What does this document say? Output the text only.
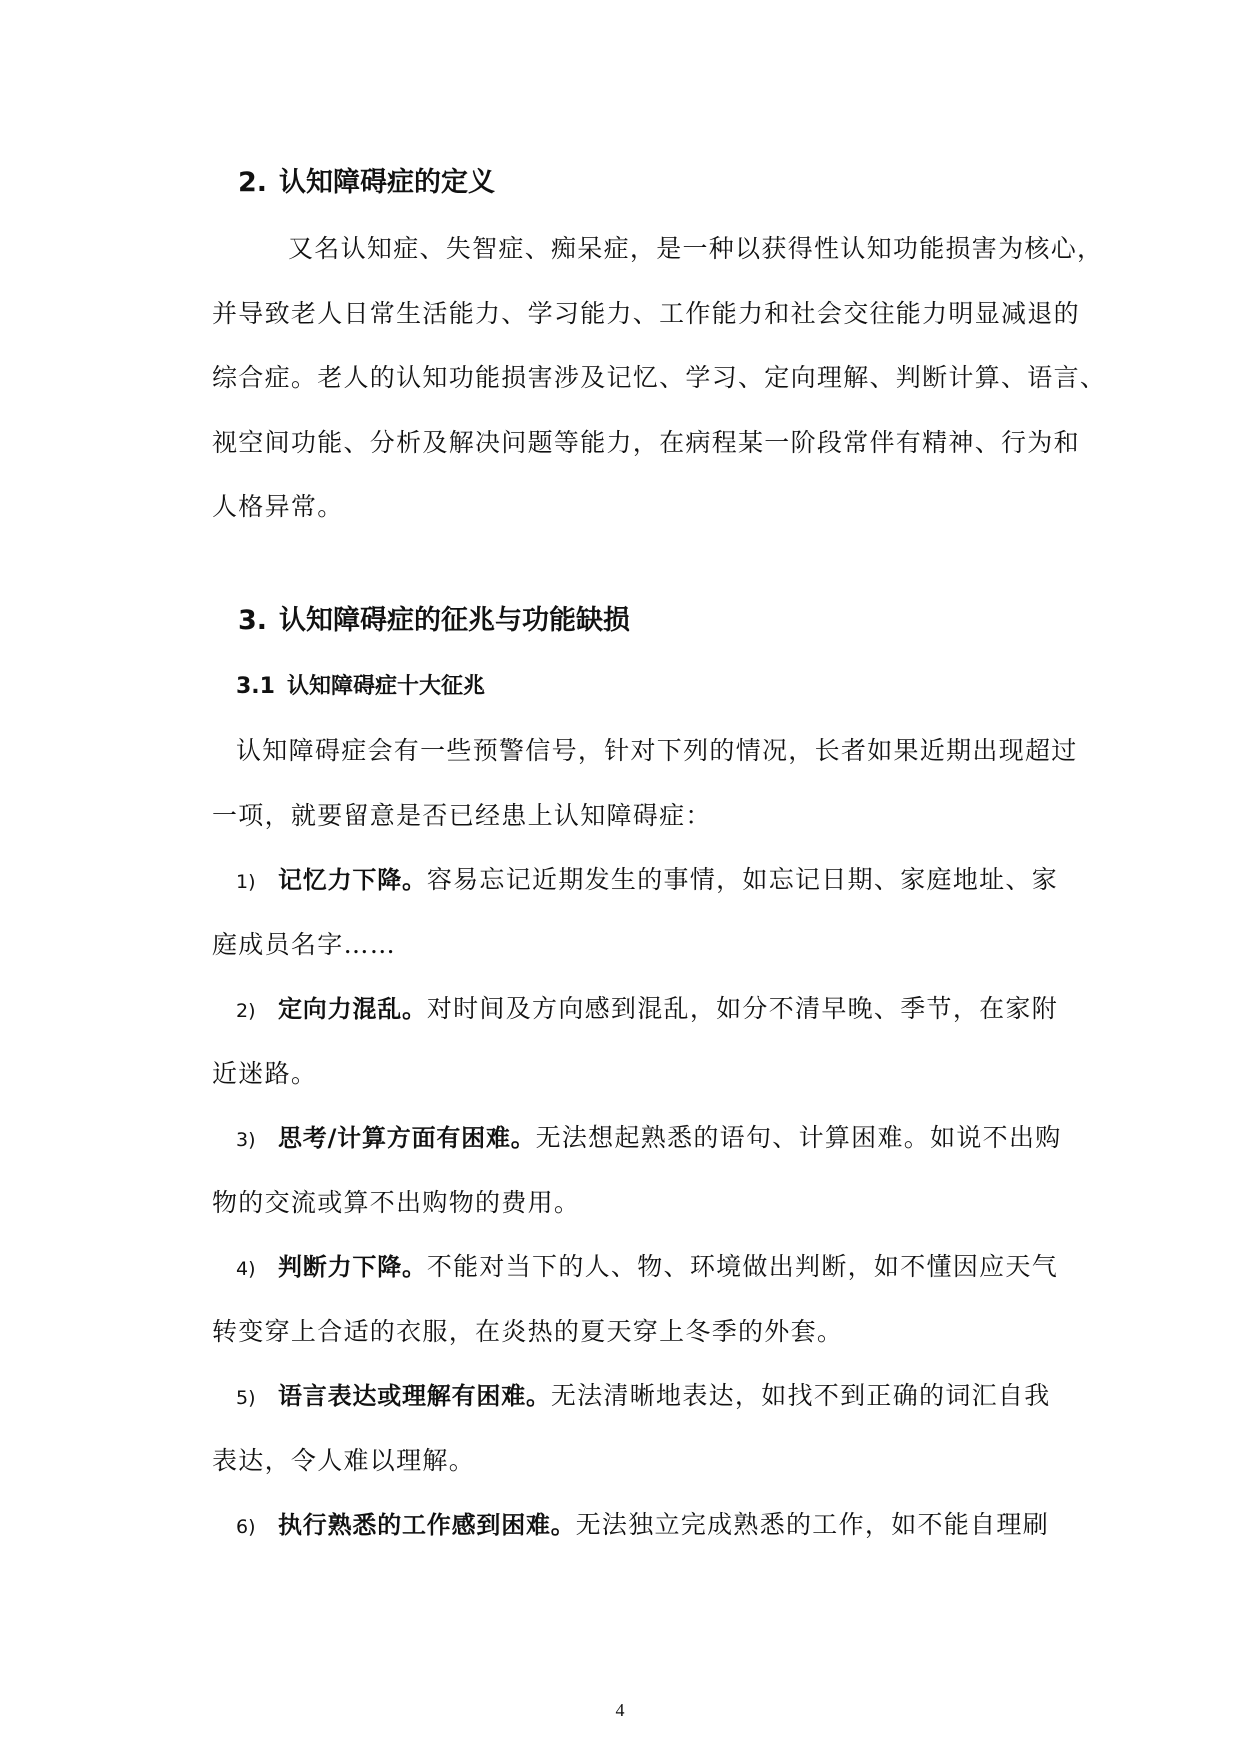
2. 认知障碍症的定义
又名认知症、失智症、痴呆症，是一种以获得性认知功能损害为核心，
并导致老人日常生活能力、学习能力、工作能力和社会交往能力明显减退的
综合症。老人的认知功能损害涉及记忆、学习、定向理解、判断计算、语言、
视空间功能、分析及解决问题等能力，在病程某一阶段常伴有精神、行为和
人格异常。
3. 认知障碍症的征兆与功能缺损
3.1 认知障碍症十大征兆
认知障碍症会有一些预警信号，针对下列的情况，长者如果近期出现超过
一项，就要留意是否已经患上认知障碍症：
1) 记忆力下降。容易忘记近期发生的事情，如忘记日期、家庭地址、家
庭成员名字……
2) 定向力混乱。对时间及方向感到混乱，如分不清早晚、季节，在家附
近迷路。
3) 思考/计算方面有困难。无法想起熟悉的语句、计算困难。如说不出购
物的交流或算不出购物的费用。
4) 判断力下降。不能对当下的人、物、环境做出判断，如不懂因应天气
转变穿上合适的衣服，在炎热的夏天穿上冬季的外套。
5) 语言表达或理解有困难。无法清晰地表达，如找不到正确的词汇自我
表达，令人难以理解。
6) 执行熟悉的工作感到困难。无法独立完成熟悉的工作，如不能自理刷
4
